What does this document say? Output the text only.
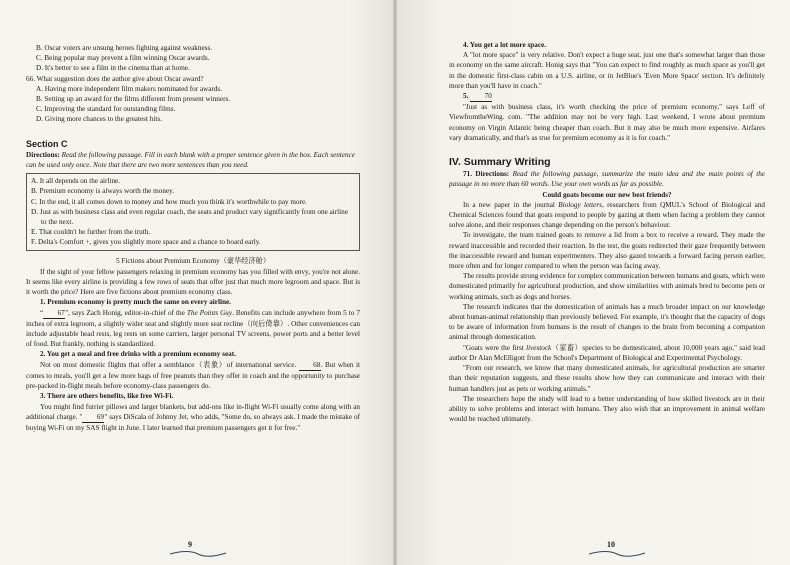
B. Oscar voters are unsung heroes fighting against weakness.

C. Being popular may prevent a film winning Oscar awards.

D. It's better to see a film in the cinema than at home.

66. What suggestion does the author give about Oscar award?

A. Having more independent film makers nominated for awards.

B. Setting up an award for the films different from present winners.

C. Improving the standard for outstanding films.

D. Giving more chances to the greatest hits.

Section C

Directions: Read the following passage. Fill in each blank with a proper sentence given in the box. Each sentence can be used only once. Note that there are two more sentences than you need.

A. It all depends on the airline.

B. Premium economy is always worth the money.

C. In the end, it all comes down to money and how much you think it's worthwhile to pay more.

D. Just as with business class and even regular coach, the seats and product vary significantly from one airline to the next.

E. That couldn't be further from the truth.

F. Delta's Comfort +, gives you slightly more space and a chance to board early.

5 Fictions about Premium Economy（豪华经济舱）

If the sight of your fellow passengers relaxing in premium economy has you filled with envy, you're not alone. It seems like every airline is providing a few rows of seats that offer just that much more legroom and space. But is it worth the price? Here are five fictions about premium economy class.

1. Premium economy is pretty much the same on every airline.

“ 67", says Zach Honig, editor-in-chief of the The Points Guy. Benefits can include anywhere from 5 to 7 inches of extra legroom, a slightly wider seat and slightly more seat recline（向后倚靠）. Other conveniences can include adjustable head rests, leg rests on some carriers, larger personal TV screens, power ports and a better level of food. But frankly, nothing is standardized.

2. You get a meal and free drinks with a premium economy seat.

Not on most domestic flights that offer a semblance（表象）of international service. 68. But when it comes to meals, you'll get a few more bags of free peanuts than they offer in coach and the opportunity to purchase pre-packed in-flight meals before economy-class passengers do.

3. There are others benefits, like free Wi-Fi.

You might find furrier pillows and larger blankets, but add-ons like in-flight Wi-Fi usually come along with an additional charge. " 69" says DiScala of Johnny Jet, who adds, "Some do, so always ask. I made the mistake of buying Wi-Fi on my SAS flight in June. I later learned that premium passengers get it for free."

9

4. You get a lot more space.

A "lot more space" is very relative. Don't expect a huge seat, just one that's somewhat larger than those in economy on the same aircraft. Honig says that "You can expect to find roughly as much space as you'll get in the domestic first-class cabin on a U.S. airline, or in JetBlue's 'Even More Space' section. It's definitely more than you'll have in coach."

5. 70

"Just as with business class, it's worth checking the price of premium economy," says Leff of ViewfromtheWing. com. "The addition may not be very high. Last weekend, I wrote about premium economy on Virgin Atlantic being cheaper than coach. But it may also be much more expensive. Airfares vary dramatically, and that's as true for premium economy as it is for coach."

IV. Summary Writing

71. Directions: Read the following passage, summarize the main idea and the main points of the passage in no more than 60 words. Use your own words as far as possible.

Could goats become our new best friends?

In a new paper in the journal Biology letters, researchers from QMUL's School of Biological and Chemical Sciences found that goats respond to people by gazing at them when facing a problem they cannot solve alone, and their responses change depending on the person's behaviour.

To investigate, the team trained goats to remove a lid from a box to receive a reward. They made the reward inaccessible and recorded their reaction. In the test, the goats redirected their gaze frequently between the inaccessible reward and human experimenters. They also gazed towards a forward facing person earlier, more often and for longer compared to when the person was facing away.

The results provide strong evidence for complex communication between humans and goats, which were domesticated primarily for agricultural production, and show similarities with animals bred to become pets or working animals, such as dogs and horses.

The research indicates that the domestication of animals has a much broader impact on our knowledge about human-animal relationship than previously believed. For example, it's thought that the capacity of dogs to be aware of information from humans is the result of changes to the brain from becoming a companion animal through domestication.

"Goats were the first livestock（家畜）species to be domesticated, about 10,000 years ago," said lead author Dr Alan McElligott from the School's Department of Biological and Experimental Psychology.

"From our research, we know that many domesticated animals, for agricultural production are smarter than their reputation suggests, and these results show how they can communicate and interact with their human handlers just as pets or working animals."

The researchers hope the study will lead to a better understanding of how skilled livestock are in their ability to solve problems and interact with humans. They also wish that an improvement in animal welfare would be reached ultimately.

10
